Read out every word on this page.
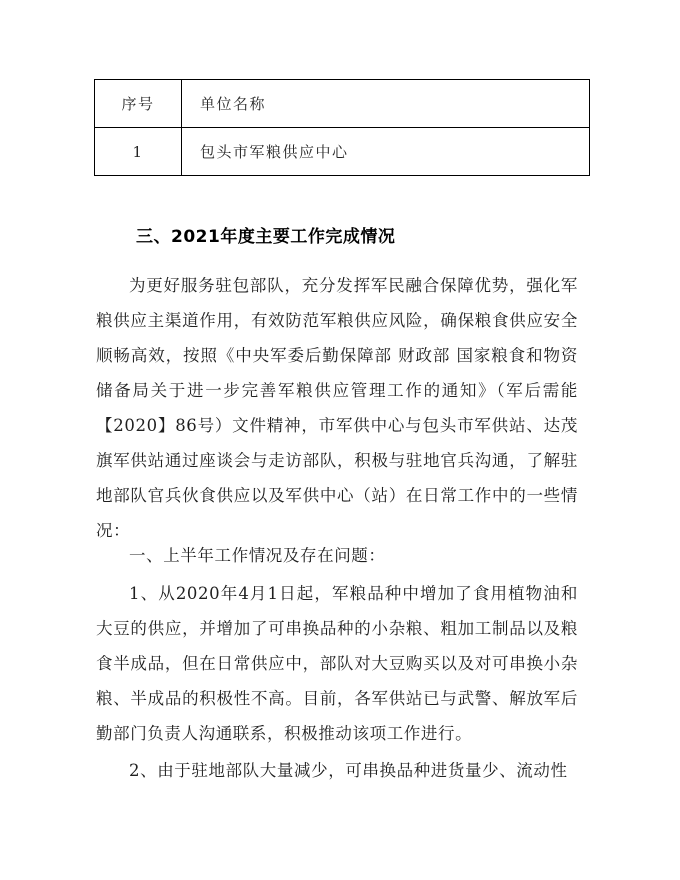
序号	单位名称
1	包头市军粮供应中心
三、2021年度主要工作完成情况

为更好服务驻包部队，充分发挥军民融合保障优势，强化军粮供应主渠道作用，有效防范军粮供应风险，确保粮食供应安全顺畅高效，按照《中央军委后勤保障部 财政部 国家粮食和物资储备局关于进一步完善军粮供应管理工作的通知》（军后需能【2020】86号）文件精神，市军供中心与包头市军供站、达茂旗军供站通过座谈会与走访部队，积极与驻地官兵沟通，了解驻地部队官兵伙食供应以及军供中心（站）在日常工作中的一些情况：

一、上半年工作情况及存在问题：

1、从2020年4月1日起，军粮品种中增加了食用植物油和大豆的供应，并增加了可串换品种的小杂粮、粗加工制品以及粮食半成品，但在日常供应中，部队对大豆购买以及对可串换小杂粮、半成品的积极性不高。目前，各军供站已与武警、解放军后勤部门负责人沟通联系，积极推动该项工作进行。

2、由于驻地部队大量减少，可串换品种进货量少、流动性
